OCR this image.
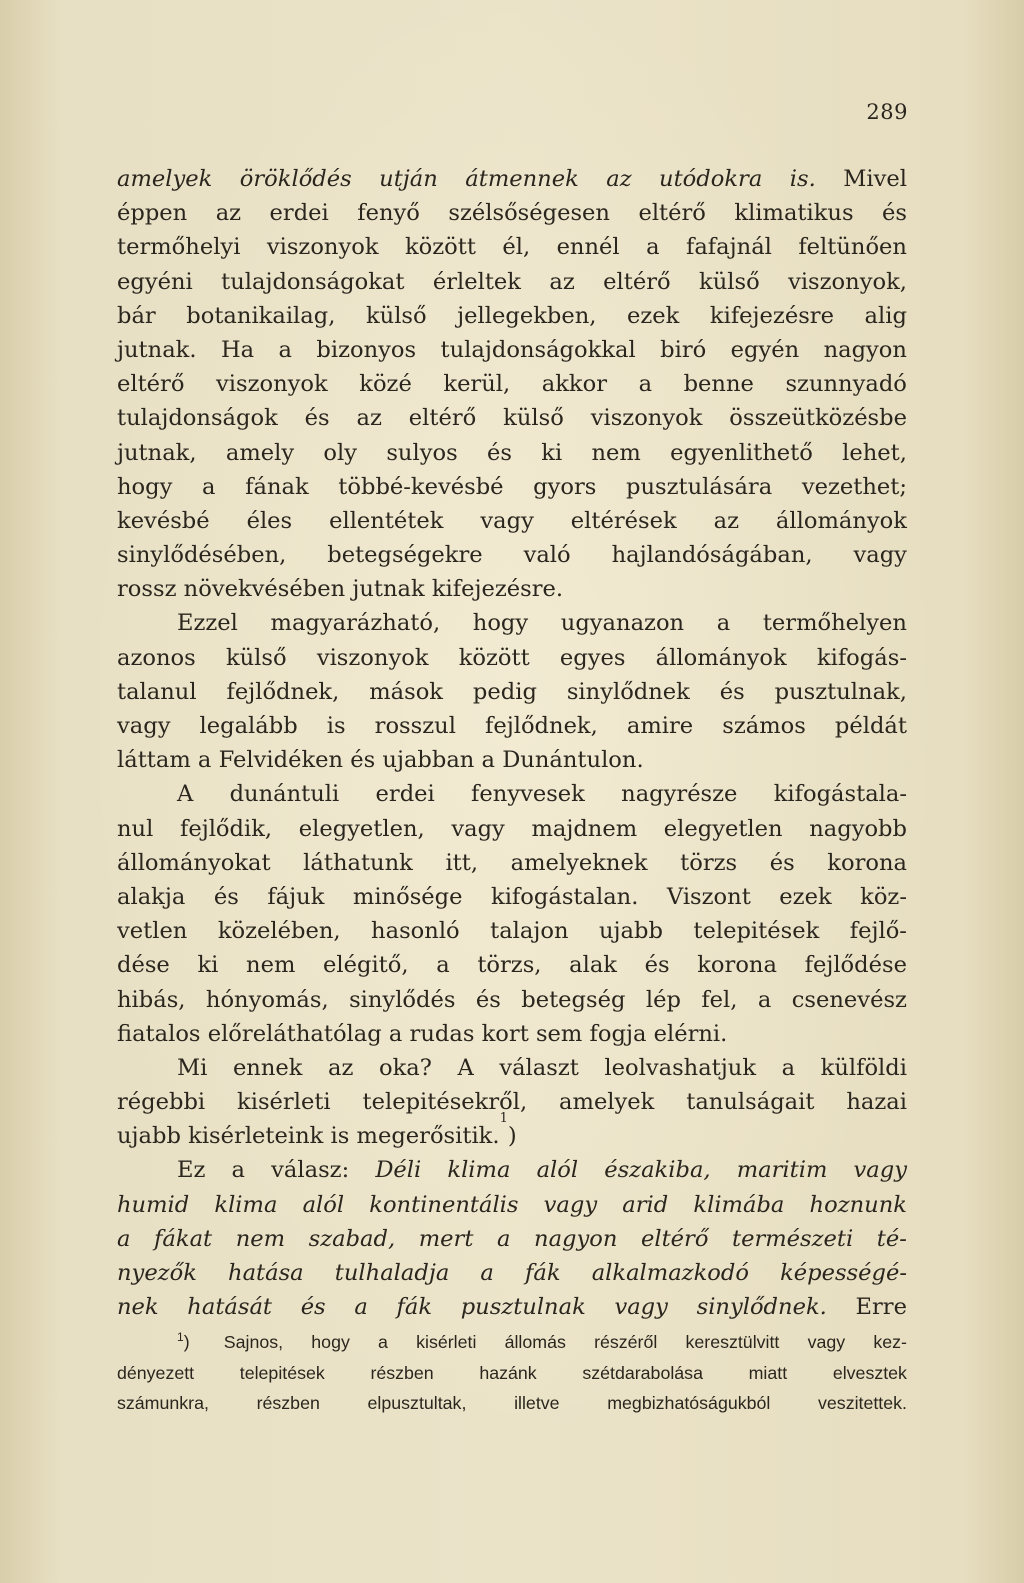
289
amelyek öröklődés utján átmennek az utódokra is. Mivel
éppen az erdei fenyő szélsőségesen eltérő klimatikus és
termőhelyi viszonyok között él, ennél a fafajnál feltünően
egyéni tulajdonságokat érleltek az eltérő külső viszonyok,
bár botanikailag, külső jellegekben, ezek kifejezésre alig
jutnak. Ha a bizonyos tulajdonságokkal biró egyén nagyon
eltérő viszonyok közé kerül, akkor a benne szunnyadó
tulajdonságok és az eltérő külső viszonyok összeütközésbe
jutnak, amely oly sulyos és ki nem egyenlithető lehet,
hogy a fának többé-kevésbé gyors pusztulására vezethet;
kevésbé éles ellentétek vagy eltérések az állományok
sinylődésében, betegségekre való hajlandóságában, vagy
rossz növekvésében jutnak kifejezésre.
Ezzel magyarázható, hogy ugyanazon a termőhelyen
azonos külső viszonyok között egyes állományok kifogás-
talanul fejlődnek, mások pedig sinylődnek és pusztulnak,
vagy legalább is rosszul fejlődnek, amire számos példát
láttam a Felvidéken és ujabban a Dunántulon.
A dunántuli erdei fenyvesek nagyrésze kifogástala-
nul fejlődik, elegyetlen, vagy majdnem elegyetlen nagyobb
állományokat láthatunk itt, amelyeknek törzs és korona
alakja és fájuk minősége kifogástalan. Viszont ezek köz-
vetlen közelében, hasonló talajon ujabb telepitések fejlő-
dése ki nem elégitő, a törzs, alak és korona fejlődése
hibás, hónyomás, sinylődés és betegség lép fel, a csenevész
fiatalos előreláthatólag a rudas kort sem fogja elérni.
Mi ennek az oka? A választ leolvashatjuk a külföldi
régebbi kisérleti telepitésekről, amelyek tanulságait hazai
ujabb kisérleteink is megerősitik.
1
)
Ez a válasz: Déli klima alól északiba, maritim vagy
humid klima alól kontinentális vagy arid klimába hoznunk
a fákat nem szabad, mert a nagyon eltérő természeti té-
nyezők hatása tulhaladja a fák alkalmazkodó képességé-
nek hatását és a fák pusztulnak vagy sinylődnek. Erre
$^1$) Sajnos, hogy a kisérleti állomás részéről keresztülvitt vagy kez-
dényezett	telepitések	részben	hazánk	szétdarabolása	miatt	elvesztek
számunkra,	részben	elpusztultak,	illetve	megbizhatóságukból	veszitettek.
